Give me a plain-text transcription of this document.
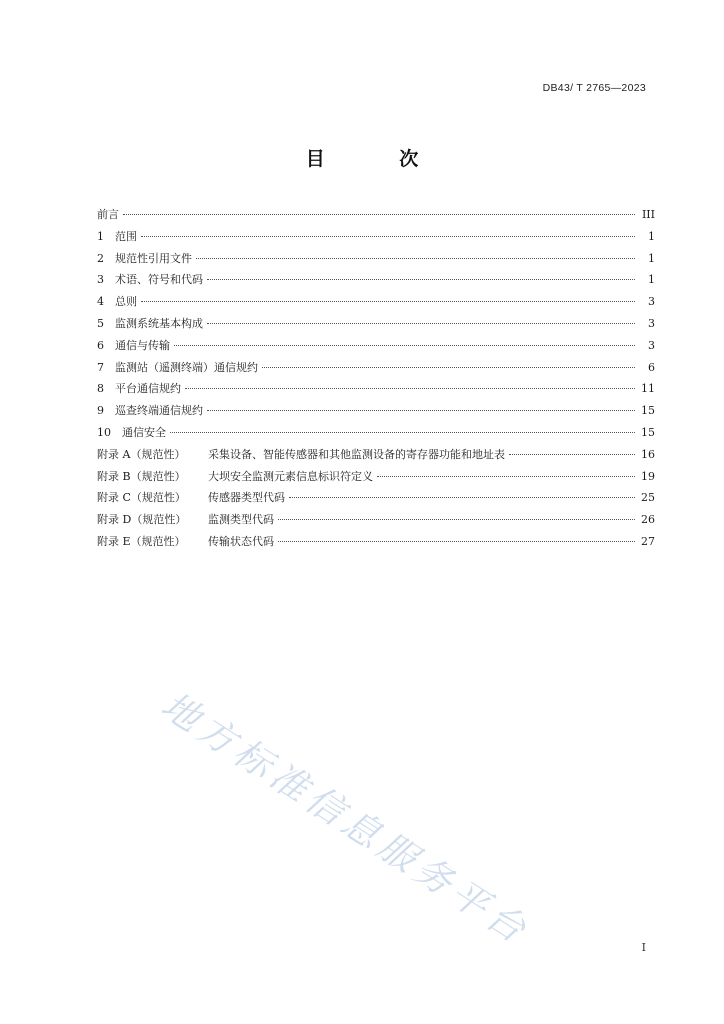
DB43/ T 2765—2023
目 次
前言	III
1	范围	1
2	规范性引用文件	1
3	术语、符号和代码	1
4	总则	3
5	监测系统基本构成	3
6	通信与传输	3
7	监测站（遥测终端）通信规约	6
8	平台通信规约	11
9	巡查终端通信规约	15
10	通信安全	15
附录 A（规范性）	采集设备、智能传感器和其他监测设备的寄存器功能和地址表	16
附录 B（规范性）	大坝安全监测元素信息标识符定义	19
附录 C（规范性）	传感器类型代码	25
附录 D（规范性）	监测类型代码	26
附录 E（规范性）	传输状态代码	27
地方标准信息服务平台	I
